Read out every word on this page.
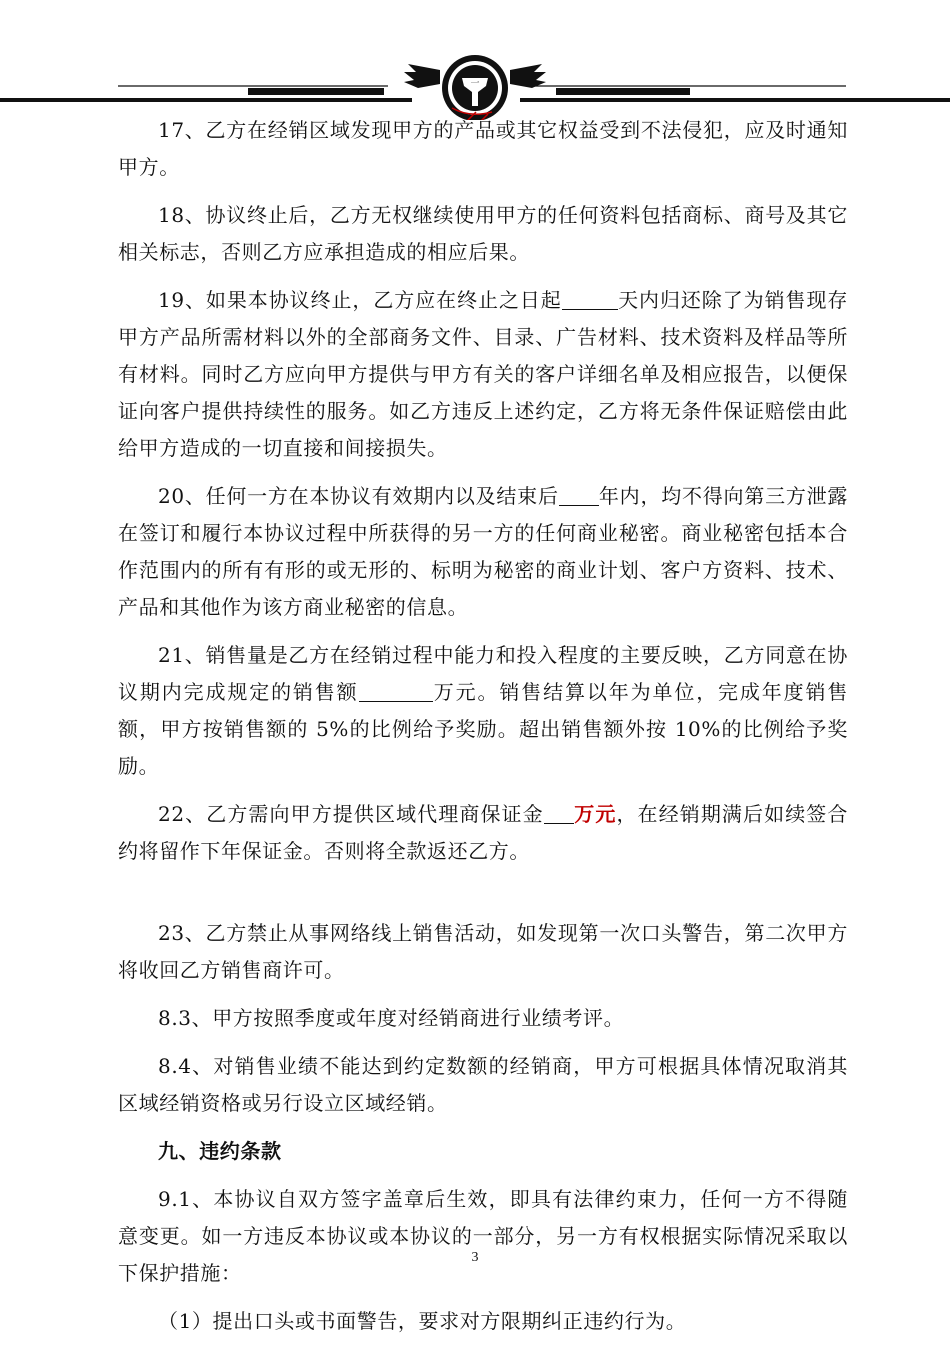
一

17、乙方在经销区域发现甲方的产品或其它权益受到不法侵犯，应及时通知甲方。

18、协议终止后，乙方无权继续使用甲方的任何资料包括商标、商号及其它相关标志，否则乙方应承担造成的相应后果。

19、如果本协议终止，乙方应在终止之日起	天内归还除了为销售现存甲方产品所需材料以外的全部商务文件、目录、广告材料、技术资料及样品等所有材料。同时乙方应向甲方提供与甲方有关的客户详细名单及相应报告，以便保证向客户提供持续性的服务。如乙方违反上述约定，乙方将无条件保证赔偿由此给甲方造成的一切直接和间接损失。

20、任何一方在本协议有效期内以及结束后 年内，均不得向第三方泄露在签订和履行本协议过程中所获得的另一方的任何商业秘密。商业秘密包括本合作范围内的所有有形的或无形的、标明为秘密的商业计划、客户方资料、技术、产品和其他作为该方商业秘密的信息。

21、销售量是乙方在经销过程中能力和投入程度的主要反映，乙方同意在协议期内完成规定的销售额	万元。销售结算以年为单位，完成年度销售额，甲方按销售额的 5%的比例给予奖励。超出销售额外按 10%的比例给予奖励。

22、乙方需向甲方提供区域代理商保证金 万元，在经销期满后如续签合约将留作下年保证金。否则将全款返还乙方。

23、乙方禁止从事网络线上销售活动，如发现第一次口头警告，第二次甲方将收回乙方销售商许可。

8.3、甲方按照季度或年度对经销商进行业绩考评。

8.4、对销售业绩不能达到约定数额的经销商，甲方可根据具体情况取消其区域经销资格或另行设立区域经销。

九、违约条款

9.1、本协议自双方签字盖章后生效，即具有法律约束力，任何一方不得随意变更。如一方违反本协议或本协议的一部分，另一方有权根据实际情况采取以下保护措施：

（1）提出口头或书面警告，要求对方限期纠正违约行为。

3
